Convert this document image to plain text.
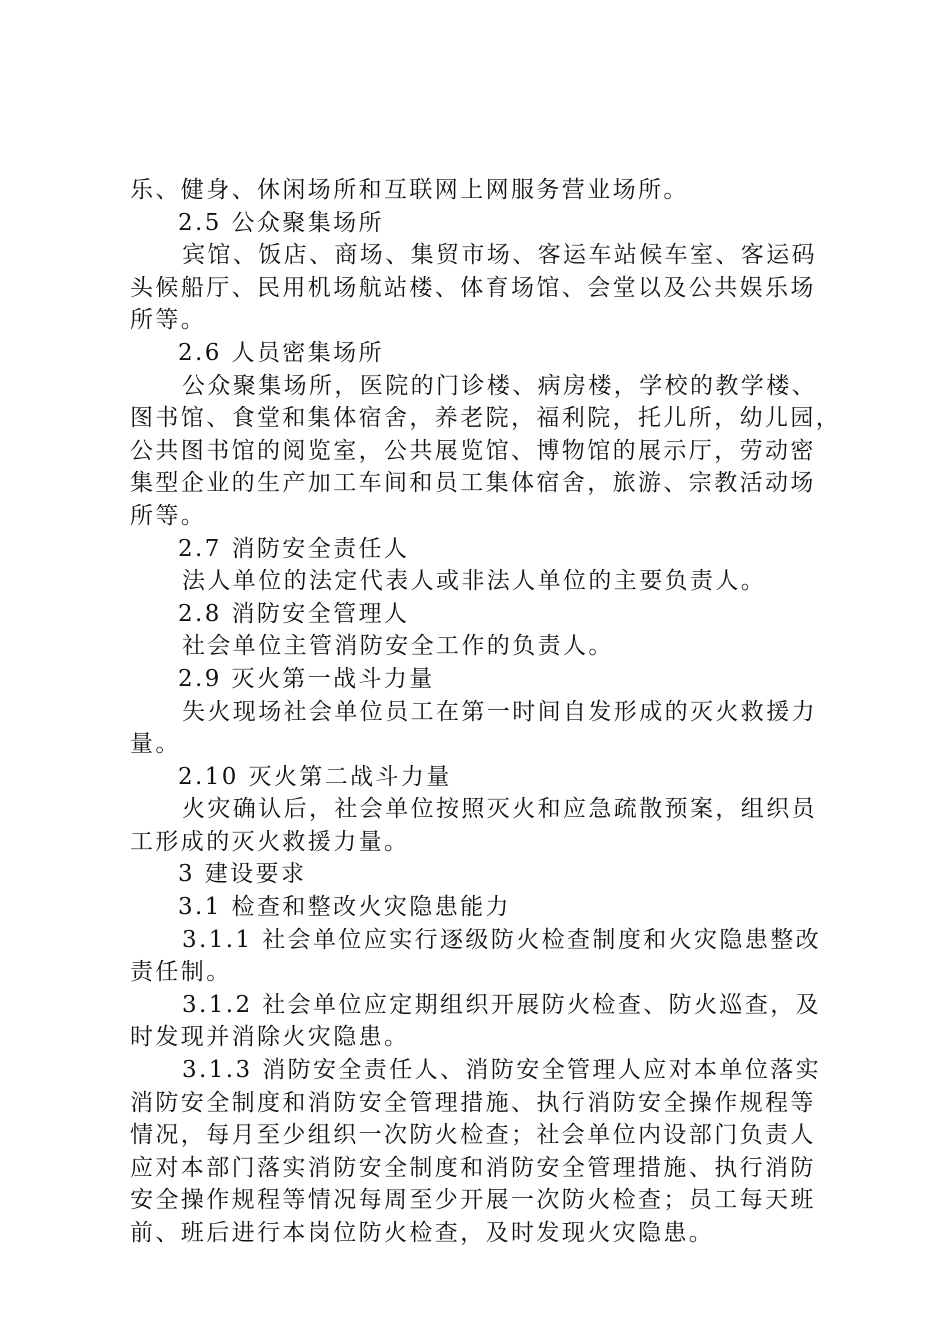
乐、健身、休闲场所和互联网上网服务营业场所。
2.5 公众聚集场所
宾馆、饭店、商场、集贸市场、客运车站候车室、客运码
头候船厅、民用机场航站楼、体育场馆、会堂以及公共娱乐场
所等。
2.6 人员密集场所
公众聚集场所，医院的门诊楼、病房楼，学校的教学楼、
图书馆、食堂和集体宿舍，养老院，福利院，托儿所，幼儿园，
公共图书馆的阅览室，公共展览馆、博物馆的展示厅，劳动密
集型企业的生产加工车间和员工集体宿舍，旅游、宗教活动场
所等。
2.7 消防安全责任人
法人单位的法定代表人或非法人单位的主要负责人。
2.8 消防安全管理人
社会单位主管消防安全工作的负责人。
2.9 灭火第一战斗力量
失火现场社会单位员工在第一时间自发形成的灭火救援力
量。
2.10 灭火第二战斗力量
火灾确认后，社会单位按照灭火和应急疏散预案，组织员
工形成的灭火救援力量。
3 建设要求
3.1 检查和整改火灾隐患能力
3.1.1 社会单位应实行逐级防火检查制度和火灾隐患整改
责任制。
3.1.2 社会单位应定期组织开展防火检查、防火巡查，及
时发现并消除火灾隐患。
3.1.3 消防安全责任人、消防安全管理人应对本单位落实
消防安全制度和消防安全管理措施、执行消防安全操作规程等
情况，每月至少组织一次防火检查；社会单位内设部门负责人
应对本部门落实消防安全制度和消防安全管理措施、执行消防
安全操作规程等情况每周至少开展一次防火检查；员工每天班
前、班后进行本岗位防火检查，及时发现火灾隐患。
